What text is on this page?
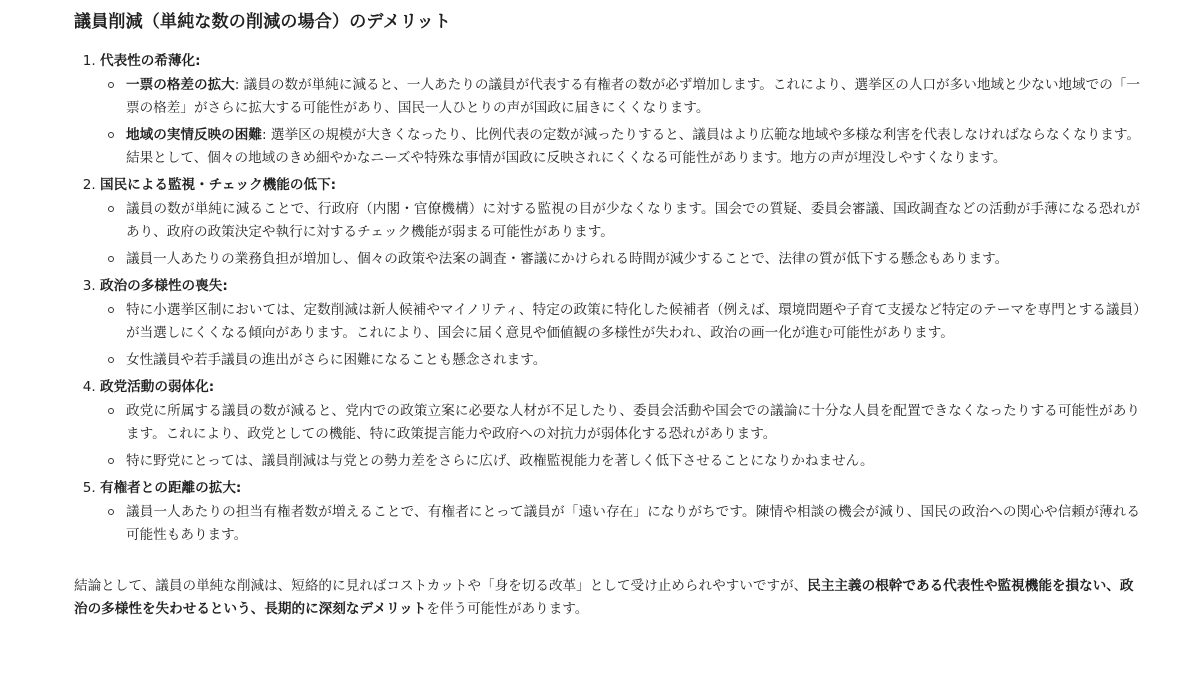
議員削減（単純な数の削減の場合）のデメリット
1. 代表性の希薄化:
一票の格差の拡大: 議員の数が単純に減ると、一人あたりの議員が代表する有権者の数が必ず増加します。これにより、選挙区の人口が多い地域と少ない地域での「一票の格差」がさらに拡大する可能性があり、国民一人ひとりの声が国政に届きにくくなります。
地域の実情反映の困難: 選挙区の規模が大きくなったり、比例代表の定数が減ったりすると、議員はより広範な地域や多様な利害を代表しなければならなくなります。結果として、個々の地域のきめ細やかなニーズや特殊な事情が国政に反映されにくくなる可能性があります。地方の声が埋没しやすくなります。
2. 国民による監視・チェック機能の低下:
議員の数が単純に減ることで、行政府（内閣・官僚機構）に対する監視の目が少なくなります。国会での質疑、委員会審議、国政調査などの活動が手薄になる恐れがあり、政府の政策決定や執行に対するチェック機能が弱まる可能性があります。
議員一人あたりの業務負担が増加し、個々の政策や法案の調査・審議にかけられる時間が減少することで、法律の質が低下する懸念もあります。
3. 政治の多様性の喪失:
特に小選挙区制においては、定数削減は新人候補やマイノリティ、特定の政策に特化した候補者（例えば、環境問題や子育て支援など特定のテーマを専門とする議員）が当選しにくくなる傾向があります。これにより、国会に届く意見や価値観の多様性が失われ、政治の画一化が進む可能性があります。
女性議員や若手議員の進出がさらに困難になることも懸念されます。
4. 政党活動の弱体化:
政党に所属する議員の数が減ると、党内での政策立案に必要な人材が不足したり、委員会活動や国会での議論に十分な人員を配置できなくなったりする可能性があります。これにより、政党としての機能、特に政策提言能力や政府への対抗力が弱体化する恐れがあります。
特に野党にとっては、議員削減は与党との勢力差をさらに広げ、政権監視能力を著しく低下させることになりかねません。
5. 有権者との距離の拡大:
議員一人あたりの担当有権者数が増えることで、有権者にとって議員が「遠い存在」になりがちです。陳情や相談の機会が減り、国民の政治への関心や信頼が薄れる可能性もあります。

結論として、議員の単純な削減は、短絡的に見ればコストカットや「身を切る改革」として受け止められやすいですが、民主主義の根幹である代表性や監視機能を損ない、政治の多様性を失わせるという、長期的に深刻なデメリットを伴う可能性があります。
